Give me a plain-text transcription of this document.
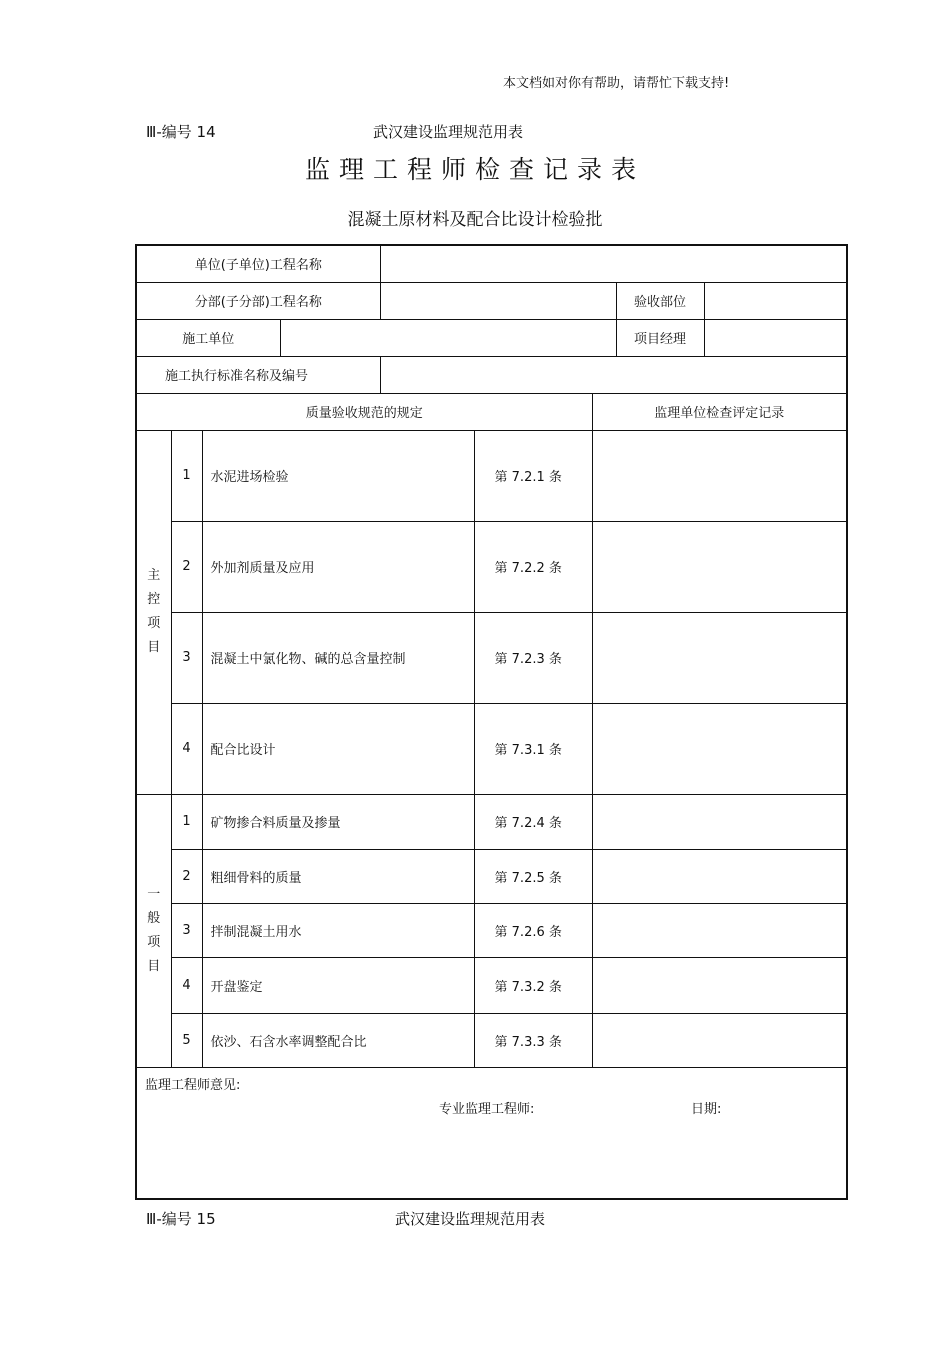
本文档如对你有帮助，请帮忙下载支持!
Ⅲ-编号 14	武汉建设监理规范用表
监理工程师检查记录表
混凝土原材料及配合比设计检验批
单位(子单位)工程名称								
分部(子分部)工程名称							验收部位	
施工单位							项目经理	
施工执行标准名称及编号								
质量验收规范的规定						监理单位检查评定记录		

主
控
项
目	1	水泥进场检验			第 7.2.1 条			
	2	外加剂质量及应用			第 7.2.2 条			
	3	混凝土中氯化物、碱的总含量控制			第 7.2.3 条			
	4	配合比设计			第 7.3.1 条			

一
般
项
目	1	矿物掺合料质量及掺量			第 7.2.4 条			
	2	粗细骨料的质量			第 7.2.5 条			
	3	拌制混凝土用水			第 7.2.6 条			
	4	开盘鉴定			第 7.3.2 条			
	5	依沙、石含水率调整配合比			第 7.3.3 条			

监理工程师意见:
专业监理工程师: 日期:								
Ⅲ-编号 15	武汉建设监理规范用表
